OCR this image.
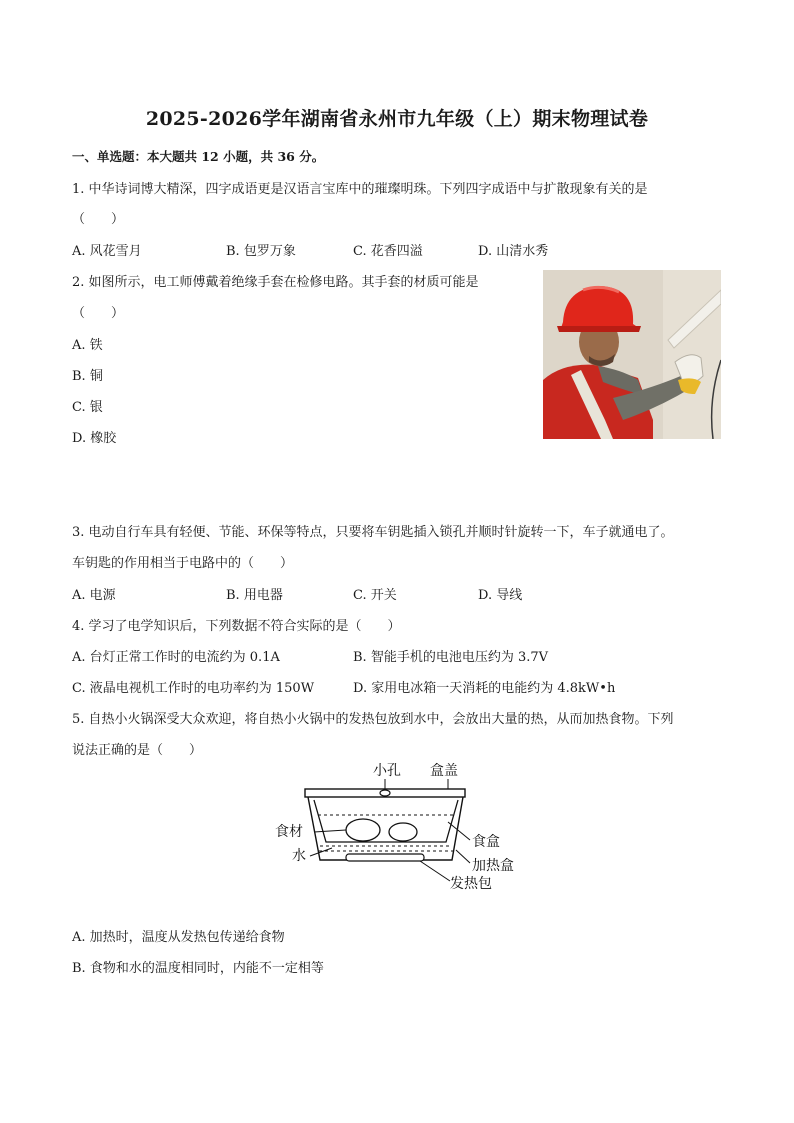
2025-2026学年湖南省永州市九年级（上）期末物理试卷
一、单选题：本大题共 12 小题，共 36 分。
1. 中华诗词博大精深，四字成语更是汉语言宝库中的璀璨明珠。下列四字成语中与扩散现象有关的是
（　　）
A. 风花雪月	B. 包罗万象	C. 花香四溢	D. 山清水秀
2. 如图所示，电工师傅戴着绝缘手套在检修电路。其手套的材质可能是
（　　）
A. 铁
B. 铜
C. 银
D. 橡胶
3. 电动自行车具有轻便、节能、环保等特点，只要将车钥匙插入锁孔并顺时针旋转一下，车子就通电了。
车钥匙的作用相当于电路中的（　　）
A. 电源	B. 用电器	C. 开关	D. 导线
4. 学习了电学知识后，下列数据不符合实际的是（　　）
A. 台灯正常工作时的电流约为 0.1A	B. 智能手机的电池电压约为 3.7V
C. 液晶电视机工作时的电功率约为 150W	D. 家用电冰箱一天消耗的电能约为 4.8kW•h
5. 自热小火锅深受大众欢迎，将自热小火锅中的发热包放到水中，会放出大量的热，从而加热食物。下列
说法正确的是（　　）
小孔 盒盖
食材
水
食盒
加热盒
发热包
A. 加热时，温度从发热包传递给食物
B. 食物和水的温度相同时，内能不一定相等
